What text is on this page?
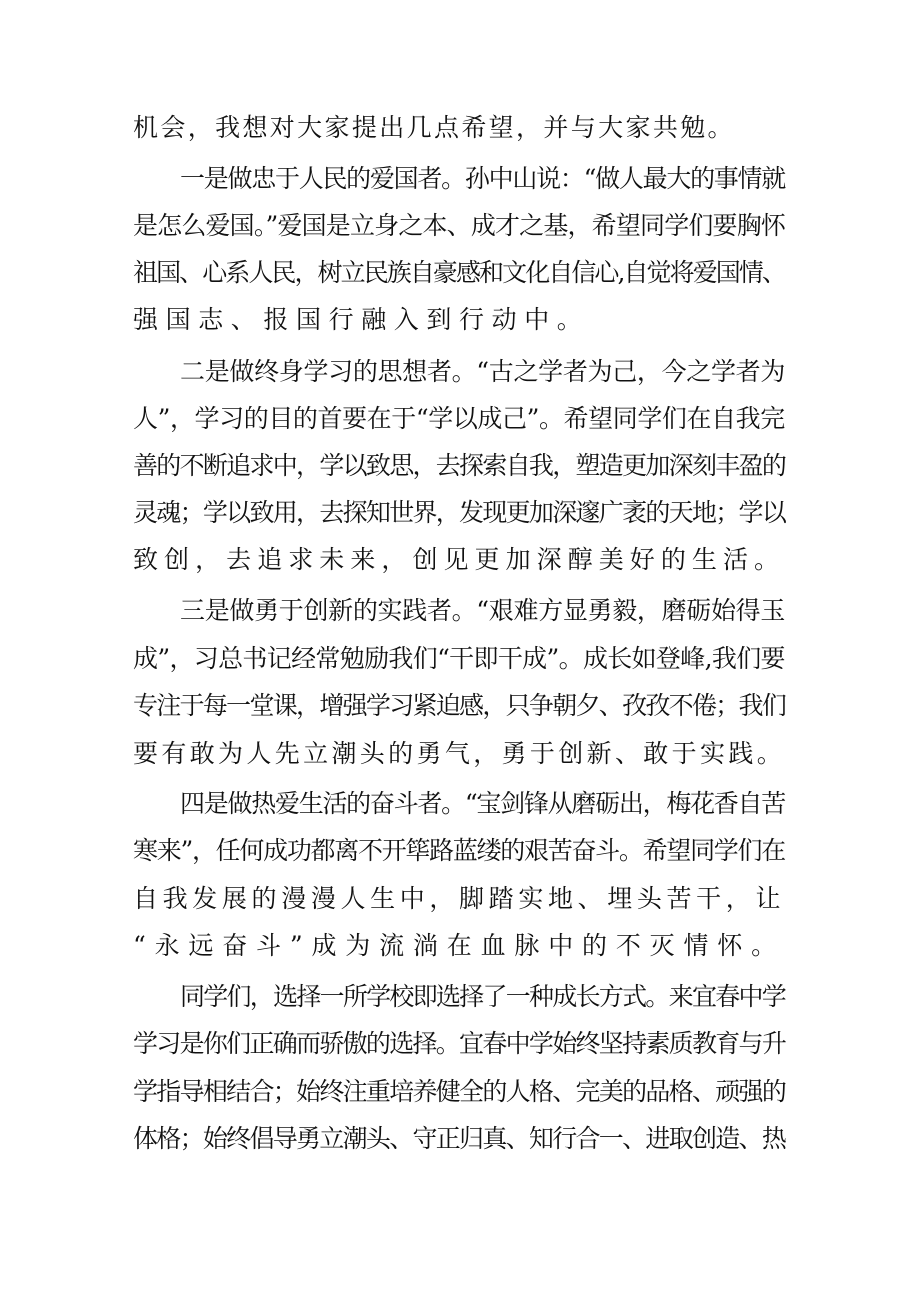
机会，我想对大家提出几点希望，并与大家共勉。
一是做忠于人民的爱国者。孙中山说：“做人最大的事情就
是怎么爱国。”爱国是立身之本、成才之基，希望同学们要胸怀
祖国、心系人民，树立民族自豪感和文化自信心,自觉将爱国情、
强国志、报国行融入到行动中。
二是做终身学习的思想者。“古之学者为己，今之学者为
人”，学习的目的首要在于“学以成己”。希望同学们在自我完
善的不断追求中，学以致思，去探索自我，塑造更加深刻丰盈的
灵魂；学以致用，去探知世界，发现更加深邃广袤的天地；学以
致创，去追求未来，创见更加深醇美好的生活。
三是做勇于创新的实践者。“艰难方显勇毅，磨砺始得玉
成”，习总书记经常勉励我们“干即干成”。成长如登峰,我们要
专注于每一堂课，增强学习紧迫感，只争朝夕、孜孜不倦；我们
要有敢为人先立潮头的勇气，勇于创新、敢于实践。
四是做热爱生活的奋斗者。“宝剑锋从磨砺出，梅花香自苦
寒来”，任何成功都离不开筚路蓝缕的艰苦奋斗。希望同学们在
自我发展的漫漫人生中，脚踏实地、埋头苦干，让
“永远奋斗”成为流淌在血脉中的不灭情怀。
同学们，选择一所学校即选择了一种成长方式。来宜春中学
学习是你们正确而骄傲的选择。宜春中学始终坚持素质教育与升
学指导相结合；始终注重培养健全的人格、完美的品格、顽强的
体格；始终倡导勇立潮头、守正归真、知行合一、进取创造、热
